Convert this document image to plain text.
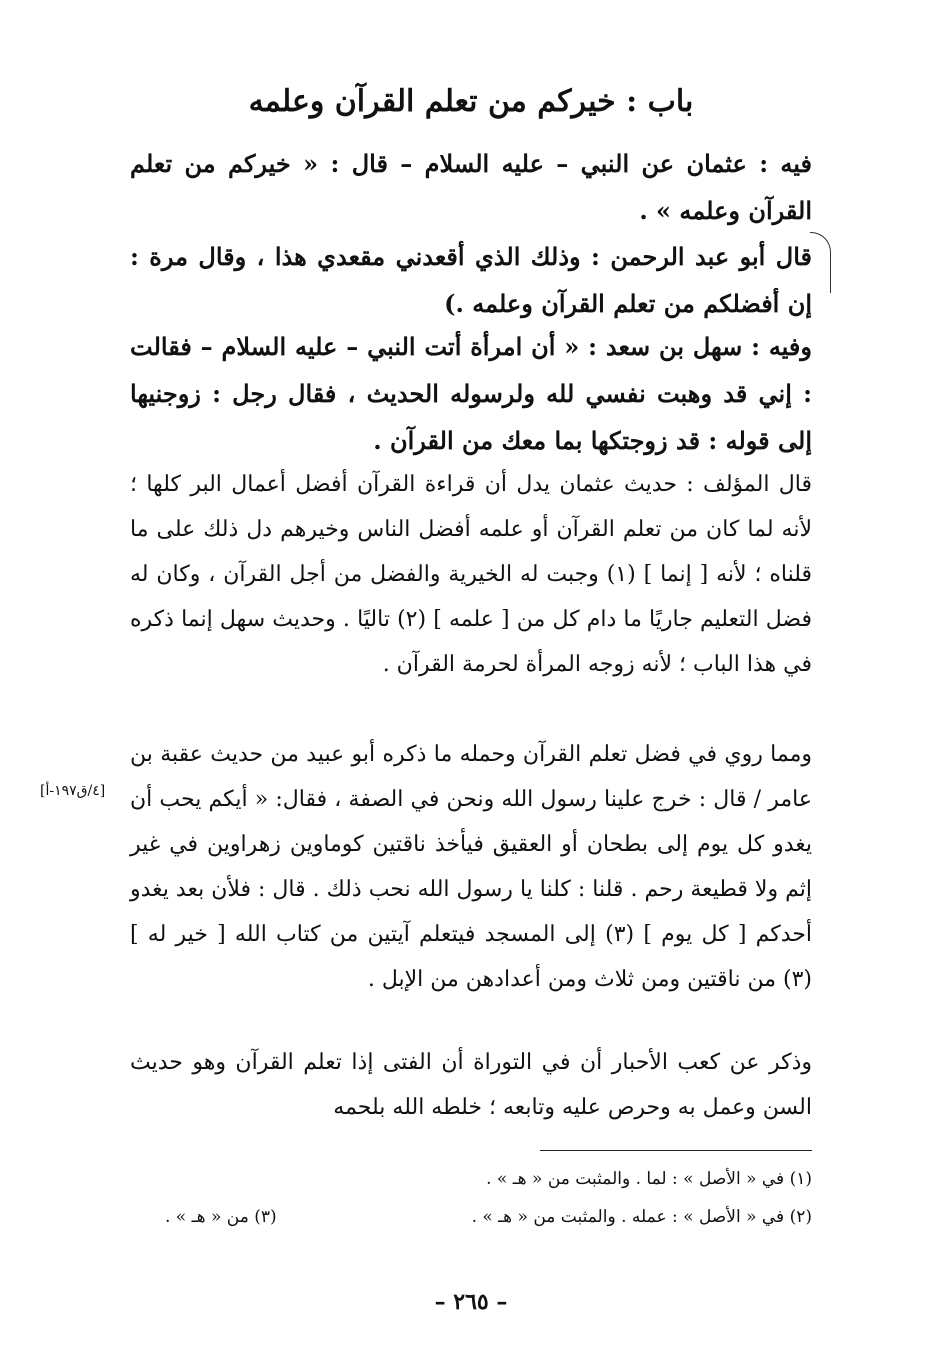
باب : خيركم من تعلم القرآن وعلمه

فيه : عثمان عن النبي – عليه السلام – قال : « خيركم من تعلم القرآن وعلمه » .

قال أبو عبد الرحمن : وذلك الذي أقعدني مقعدي هذا ، وقال مرة : إن أفضلكم من تعلم القرآن وعلمه .)

وفيه : سهل بن سعد : « أن امرأة أتت النبي – عليه السلام – فقالت : إني قد وهبت نفسي لله ولرسوله الحديث ، فقال رجل : زوجنيها إلى قوله : قد زوجتكها بما معك من القرآن .

قال المؤلف : حديث عثمان يدل أن قراءة القرآن أفضل أعمال البر كلها ؛ لأنه لما كان من تعلم القرآن أو علمه أفضل الناس وخيرهم دل ذلك على ما قلناه ؛ لأنه [ إنما ] (١) وجبت له الخيرية والفضل من أجل القرآن ، وكان له فضل التعليم جاريًا ما دام كل من [ علمه ] (٢) تاليًا . وحديث سهل إنما ذكره في هذا الباب ؛ لأنه زوجه المرأة لحرمة القرآن .

ومما روي في فضل تعلم القرآن وحمله ما ذكره أبو عبيد من حديث عقبة بن عامر / قال : خرج علينا رسول الله ونحن في الصفة ، فقال: « أيكم يحب أن يغدو كل يوم إلى بطحان أو العقيق فيأخذ ناقتين كوماوين زهراوين في غير إثم ولا قطيعة رحم . قلنا : كلنا يا رسول الله نحب ذلك . قال : فلأن بعد يغدو أحدكم [ كل يوم ] (٣) إلى المسجد فيتعلم آيتين من كتاب الله [ خير له ] (٣) من ناقتين ومن ثلاث ومن أعدادهن من الإبل .

[٤/ق١٩٧-أ]

وذكر عن كعب الأحبار أن في التوراة أن الفتى إذا تعلم القرآن وهو حديث السن وعمل به وحرص عليه وتابعه ؛ خلطه الله بلحمه

(١) في « الأصل » : لما . والمثبت من « هـ » .

(٢) في « الأصل » : عمله . والمثبت من « هـ » .

(٣) من « هـ » .

– ٢٦٥ –
